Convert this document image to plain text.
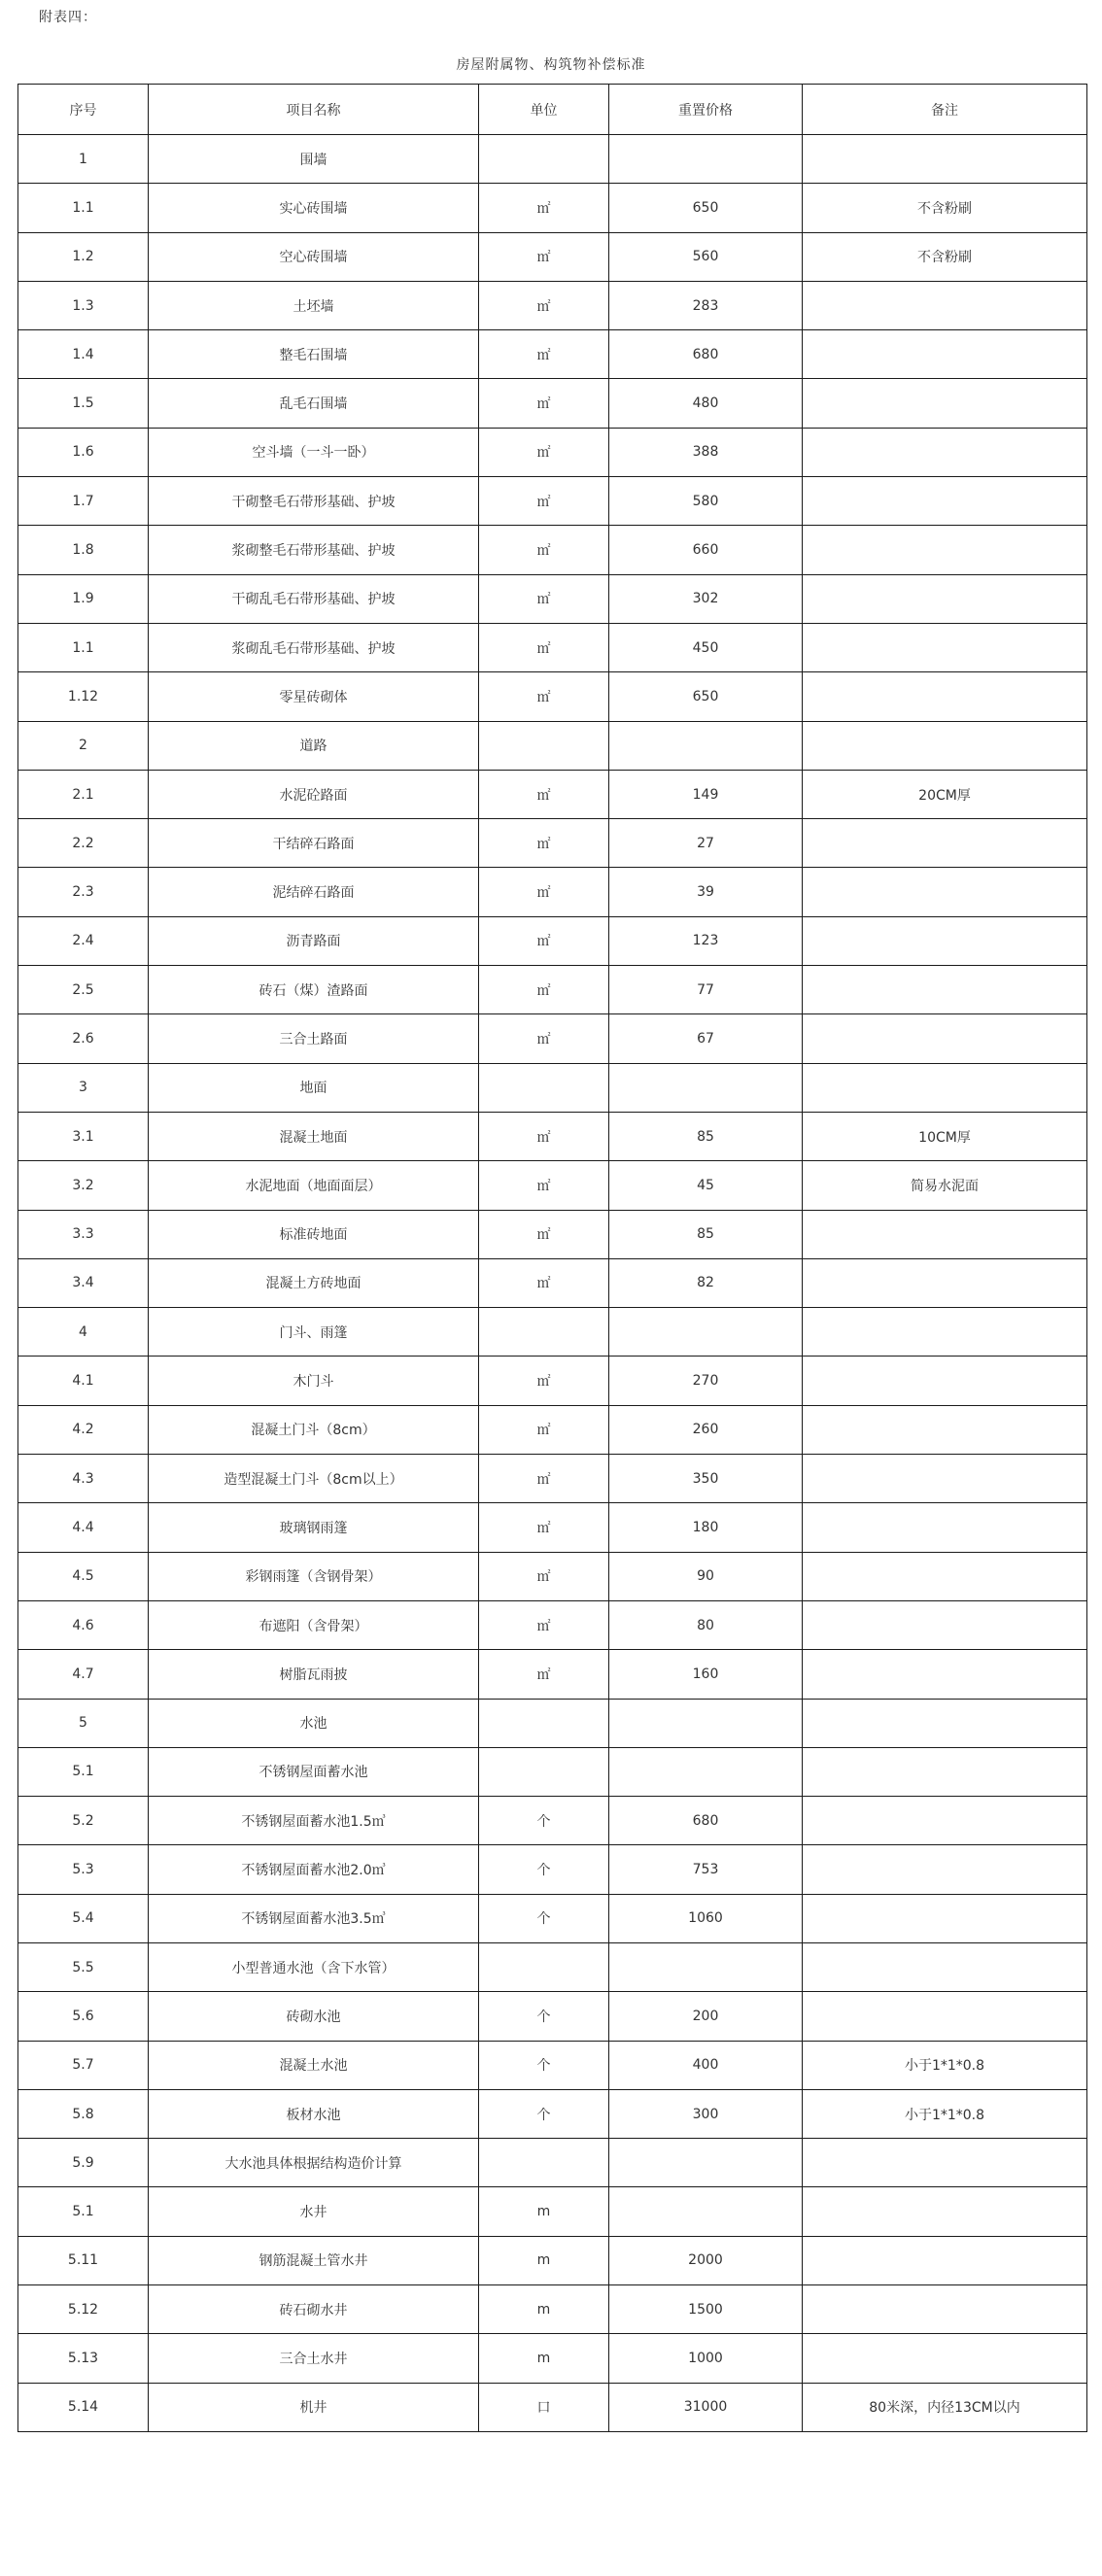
附表四：
房屋附属物、构筑物补偿标准
序号	项目名称	单位	重置价格	备注
1	围墙			
1.1	实心砖围墙	㎡	650	不含粉刷
1.2	空心砖围墙	㎡	560	不含粉刷
1.3	土坯墙	㎡	283	
1.4	整毛石围墙	㎡	680	
1.5	乱毛石围墙	㎡	480	
1.6	空斗墙（一斗一卧）	㎡	388	
1.7	干砌整毛石带形基础、护坡	㎡	580	
1.8	浆砌整毛石带形基础、护坡	㎡	660	
1.9	干砌乱毛石带形基础、护坡	㎡	302	
1.1	浆砌乱毛石带形基础、护坡	㎡	450	
1.12	零星砖砌体	㎡	650	
2	道路			
2.1	水泥砼路面	㎡	149	20CM厚
2.2	干结碎石路面	㎡	27	
2.3	泥结碎石路面	㎡	39	
2.4	沥青路面	㎡	123	
2.5	砖石（煤）渣路面	㎡	77	
2.6	三合土路面	㎡	67	
3	地面			
3.1	混凝土地面	㎡	85	10CM厚
3.2	水泥地面（地面面层）	㎡	45	简易水泥面
3.3	标准砖地面	㎡	85	
3.4	混凝土方砖地面	㎡	82	
4	门斗、雨篷			
4.1	木门斗	㎡	270	
4.2	混凝土门斗（8cm）	㎡	260	
4.3	造型混凝土门斗（8cm以上）	㎡	350	
4.4	玻璃钢雨篷	㎡	180	
4.5	彩钢雨篷（含钢骨架）	㎡	90	
4.6	布遮阳（含骨架）	㎡	80	
4.7	树脂瓦雨披	㎡	160	
5	水池			
5.1	不锈钢屋面蓄水池			
5.2	不锈钢屋面蓄水池1.5㎥	个	680	
5.3	不锈钢屋面蓄水池2.0㎥	个	753	
5.4	不锈钢屋面蓄水池3.5㎥	个	1060	
5.5	小型普通水池（含下水管）			
5.6	砖砌水池	个	200	
5.7	混凝土水池	个	400	小于1*1*0.8
5.8	板材水池	个	300	小于1*1*0.8
5.9	大水池具体根据结构造价计算			
5.1	水井	m		
5.11	钢筋混凝土管水井	m	2000	
5.12	砖石砌水井	m	1500	
5.13	三合土水井	m	1000	
5.14	机井	口	31000	80米深，内径13CM以内
